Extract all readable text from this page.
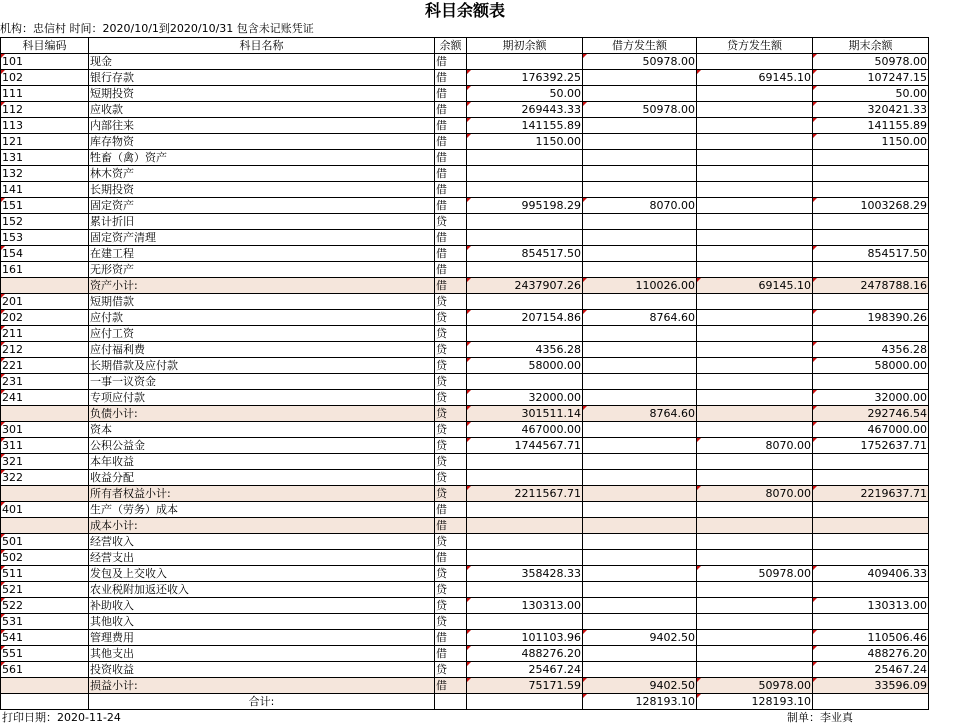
科目余额表
机构：忠信村 时间：2020/10/1到2020/10/31 包含未记账凭证
科目编码	科目名称	余额	期初余额	借方发生额	贷方发生额	期末余额
101	现金	借		50978.00		50978.00
102	银行存款	借	176392.25		69145.10	107247.15
111	短期投资	借	50.00			50.00
112	应收款	借	269443.33	50978.00		320421.33
113	内部往来	借	141155.89			141155.89
121	库存物资	借	1150.00			1150.00
131	牲畜（禽）资产	借				
132	林木资产	借				
141	长期投资	借				
151	固定资产	借	995198.29	8070.00		1003268.29
152	累计折旧	贷				
153	固定资产清理	借				
154	在建工程	借	854517.50			854517.50
161	无形资产	借				
	资产小计:	借	2437907.26	110026.00	69145.10	2478788.16
201	短期借款	贷				
202	应付款	贷	207154.86	8764.60		198390.26
211	应付工资	贷				
212	应付福利费	贷	4356.28			4356.28
221	长期借款及应付款	贷	58000.00			58000.00
231	一事一议资金	贷				
241	专项应付款	贷	32000.00			32000.00
	负债小计:	贷	301511.14	8764.60		292746.54
301	资本	贷	467000.00			467000.00
311	公积公益金	贷	1744567.71		8070.00	1752637.71
321	本年收益	贷				
322	收益分配	贷				
	所有者权益小计:	贷	2211567.71		8070.00	2219637.71
401	生产（劳务）成本	借				
	成本小计:	借				
501	经营收入	贷				
502	经营支出	借				
511	发包及上交收入	贷	358428.33		50978.00	409406.33
521	农业税附加返还收入	贷				
522	补助收入	贷	130313.00			130313.00
531	其他收入	贷				
541	管理费用	借	101103.96	9402.50		110506.46
551	其他支出	借	488276.20			488276.20
561	投资收益	贷	25467.24			25467.24
	损益小计:	借	75171.59	9402.50	50978.00	33596.09
	合计:			128193.10	128193.10	
打印日期：2020-11-24	制单：李业真
